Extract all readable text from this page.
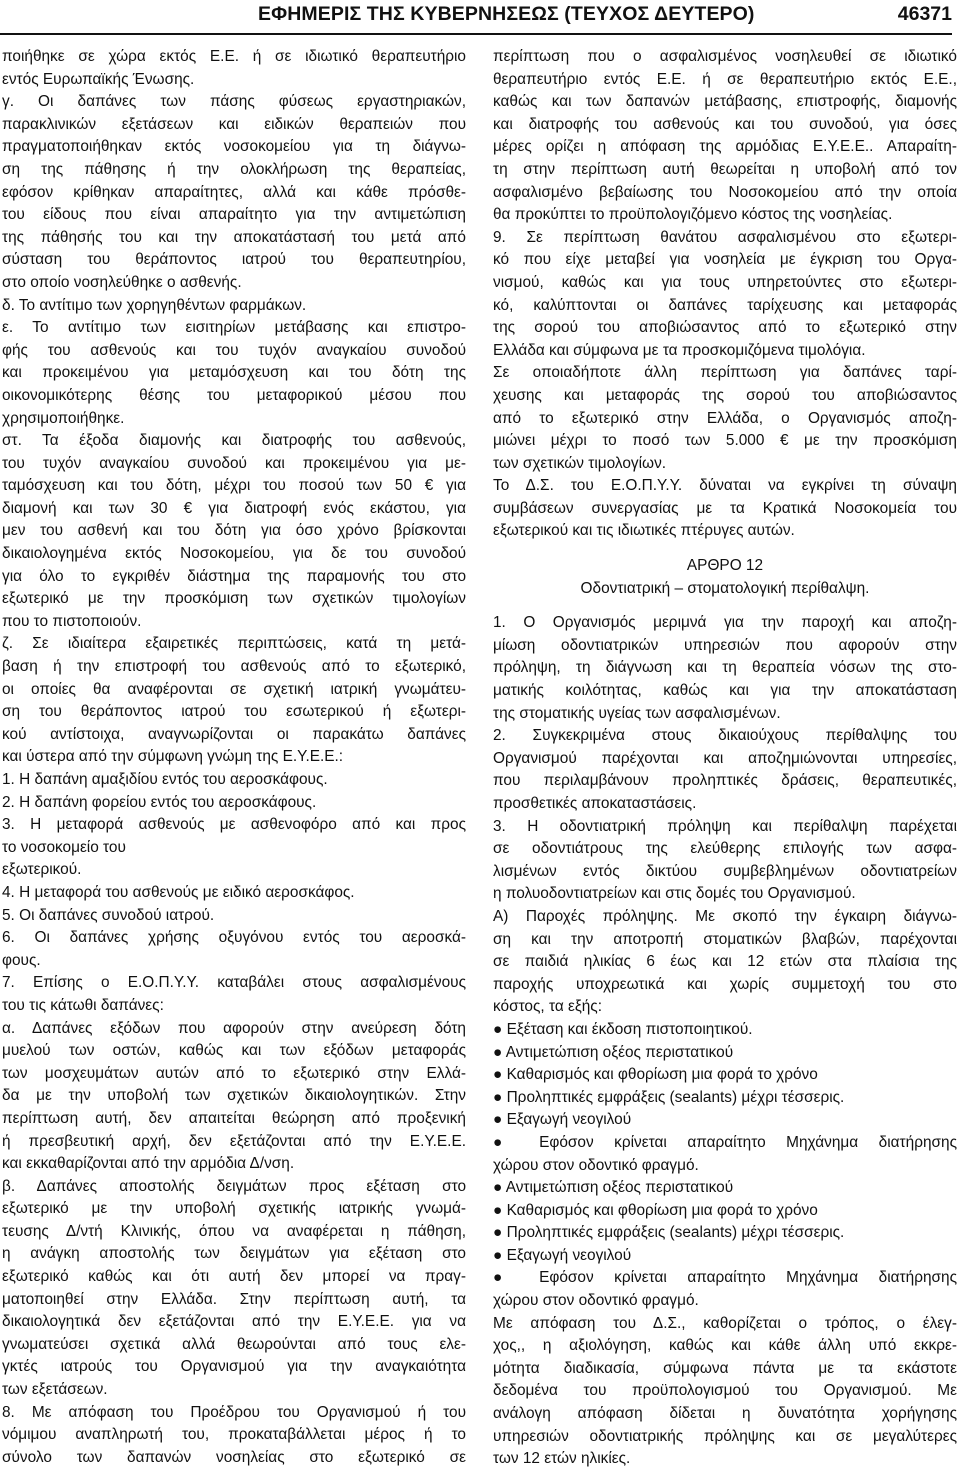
ΕΦΗΜΕΡΙΣ ΤΗΣ ΚΥΒΕΡΝΗΣΕΩΣ (ΤΕΥΧΟΣ ΔΕΥΤΕΡΟ)	46371
ποιήθηκε σε χώρα εκτός Ε.Ε. ή σε ιδιωτικό θεραπευτήριο
εντός Ευρωπαϊκής Ένωσης.
γ. Οι δαπάνες των πάσης φύσεως εργαστηριακών,
παρακλινικών εξετάσεων και ειδικών θεραπειών που
πραγματοποιήθηκαν εκτός νοσοκομείου για τη διάγνω-
ση της πάθησης ή την ολοκλήρωση της θεραπείας,
εφόσον κρίθηκαν απαραίτητες, αλλά και κάθε πρόσθε-
του είδους που είναι απαραίτητο για την αντιμετώπιση
της πάθησής του και την αποκατάστασή του μετά από
σύσταση του θεράποντος ιατρού του θεραπευτηρίου,
στο οποίο νοσηλεύθηκε ο ασθενής.
δ. Το αντίτιμο των χορηγηθέντων φαρμάκων.
ε. Το αντίτιμο των εισιτηρίων μετάβασης και επιστρο-
φής του ασθενούς και του τυχόν αναγκαίου συνοδού
και προκειμένου για μεταμόσχευση και του δότη της
οικονομικότερης θέσης του μεταφορικού μέσου που
χρησιμοποιήθηκε.
στ. Τα έξοδα διαμονής και διατροφής του ασθενούς,
του τυχόν αναγκαίου συνοδού και προκειμένου για με-
ταμόσχευση και του δότη, μέχρι του ποσού των 50 € για
διαμονή και των 30 € για διατροφή ενός εκάστου, για
μεν του ασθενή και του δότη για όσο χρόνο βρίσκονται
δικαιολογημένα εκτός Νοσοκομείου, για δε του συνοδού
για όλο το εγκριθέν διάστημα της παραμονής του στο
εξωτερικό με την προσκόμιση των σχετικών τιμολογίων
που το πιστοποιούν.
ζ. Σε ιδιαίτερα εξαιρετικές περιπτώσεις, κατά τη μετά-
βαση ή την επιστροφή του ασθενούς από το εξωτερικό,
οι οποίες θα αναφέρονται σε σχετική ιατρική γνωμάτευ-
ση του θεράποντος ιατρού του εσωτερικού ή εξωτερι-
κού αντίστοιχα, αναγνωρίζονται οι παρακάτω δαπάνες
και ύστερα από την σύμφωνη γνώμη της Ε.Υ.Ε.Ε.:
1. Η δαπάνη αμαξιδίου εντός του αεροσκάφους.
2. Η δαπάνη φορείου εντός του αεροσκάφους.
3. Η μεταφορά ασθενούς με ασθενοφόρο από και προς
το νοσοκομείο του
εξωτερικού.
4. Η μεταφορά του ασθενούς με ειδικό αεροσκάφος.
5. Οι δαπάνες συνοδού ιατρού.
6. Οι δαπάνες χρήσης οξυγόνου εντός του αεροσκά-
φους.
7. Επίσης ο Ε.Ο.Π.Υ.Υ. καταβάλει στους ασφαλισμένους
του τις κάτωθι δαπάνες:
α. Δαπάνες εξόδων που αφορούν στην ανεύρεση δότη
μυελού των οστών, καθώς και των εξόδων μεταφοράς
των μοσχευμάτων αυτών από το εξωτερικό στην Ελλά-
δα με την υποβολή των σχετικών δικαιολογητικών. Στην
περίπτωση αυτή, δεν απαιτείται θεώρηση από προξενική
ή πρεσβευτική αρχή, δεν εξετάζονται από την Ε.Υ.Ε.Ε.
και εκκαθαρίζονται από την αρμόδια Δ/νση.
β. Δαπάνες αποστολής δειγμάτων προς εξέταση στο
εξωτερικό με την υποβολή σχετικής ιατρικής γνωμά-
τευσης Δ/ντή Κλινικής, όπου να αναφέρεται η πάθηση,
η ανάγκη αποστολής των δειγμάτων για εξέταση στο
εξωτερικό καθώς και ότι αυτή δεν μπορεί να πραγ-
ματοποιηθεί στην Ελλάδα. Στην περίπτωση αυτή, τα
δικαιολογητικά δεν εξετάζονται από την Ε.Υ.Ε.Ε. για να
γνωματεύσει σχετικά αλλά θεωρούνται από τους ελε-
γκτές ιατρούς του Οργανισμού για την αναγκαιότητα
των εξετάσεων.
8. Με απόφαση του Προέδρου του Οργανισμού ή του
νόμιμου αναπληρωτή του, προκαταβάλλεται μέρος ή το
σύνολο των δαπανών νοσηλείας στο εξωτερικό σε
περίπτωση που ο ασφαλισμένος νοσηλευθεί σε ιδιωτικό
θεραπευτήριο εντός Ε.Ε. ή σε θεραπευτήριο εκτός Ε.Ε.,
καθώς και των δαπανών μετάβασης, επιστροφής, διαμονής
και διατροφής του ασθενούς και του συνοδού, για όσες
μέρες ορίζει η απόφαση της αρμόδιας Ε.Υ.Ε.Ε.. Απαραίτη-
τη στην περίπτωση αυτή θεωρείται η υποβολή από τον
ασφαλισμένο βεβαίωσης του Νοσοκομείου από την οποία
θα προκύπτει το προϋπολογιζόμενο κόστος της νοσηλείας.
9. Σε περίπτωση θανάτου ασφαλισμένου στο εξωτερι-
κό που είχε μεταβεί για νοσηλεία με έγκριση του Οργα-
νισμού, καθώς και για τους υπηρετούντες στο εξωτερι-
κό, καλύπτονται οι δαπάνες ταρίχευσης και μεταφοράς
της σορού του αποβιώσαντος από το εξωτερικό στην
Ελλάδα και σύμφωνα με τα προσκομιζόμενα τιμολόγια.
Σε οποιαδήποτε άλλη περίπτωση για δαπάνες ταρί-
χευσης και μεταφοράς της σορού του αποβιώσαντος
από το εξωτερικό στην Ελλάδα, ο Οργανισμός αποζη-
μιώνει μέχρι το ποσό των 5.000 € με την προσκόμιση
των σχετικών τιμολογίων.
Το Δ.Σ. του Ε.Ο.Π.Υ.Υ. δύναται να εγκρίνει τη σύναψη
συμβάσεων συνεργασίας με τα Κρατικά Νοσοκομεία του
εξωτερικού και τις ιδιωτικές πτέρυγες αυτών.
ΑΡΘΡΟ 12
Οδοντιατρική – στοματολογική περίθαλψη.
1. Ο Οργανισμός μεριμνά για την παροχή και αποζη-
μίωση οδοντιατρικών υπηρεσιών που αφορούν στην
πρόληψη, τη διάγνωση και τη θεραπεία νόσων της στο-
ματικής κοιλότητας, καθώς και για την αποκατάσταση
της στοματικής υγείας των ασφαλισμένων.
2. Συγκεκριμένα στους δικαιούχους περίθαλψης του
Οργανισμού παρέχονται και αποζημιώνονται υπηρεσίες,
που περιλαμβάνουν προληπτικές δράσεις, θεραπευτικές,
προσθετικές αποκαταστάσεις.
3. Η οδοντιατρική πρόληψη και περίθαλψη παρέχεται
σε οδοντιάτρους της ελεύθερης επιλογής των ασφα-
λισμένων εντός δικτύου συμβεβλημένων οδοντιατρείων
η πολυοδοντιατρείων και στις δομές του Οργανισμού.
Α) Παροχές πρόληψης. Με σκοπό την έγκαιρη διάγνω-
ση και την αποτροπή στοματικών βλαβών, παρέχονται
σε παιδιά ηλικίας 6 έως και 12 ετών στα πλαίσια της
παροχής υποχρεωτικά και χωρίς συμμετοχή του στο
κόστος, τα εξής:
● Εξέταση και έκδοση πιστοποιητικού.
● Αντιμετώπιση οξέος περιστατικού
● Καθαρισμός και φθορίωση μια φορά το χρόνο
● Προληπτικές εμφράξεις (sealants) μέχρι τέσσερις.
● Εξαγωγή νεογιλού
● Εφόσον κρίνεται απαραίτητο Μηχάνημα διατήρησης
χώρου στον οδοντικό φραγμό.
● Αντιμετώπιση οξέος περιστατικού
● Καθαρισμός και φθορίωση μια φορά το χρόνο
● Προληπτικές εμφράξεις (sealants) μέχρι τέσσερις.
● Εξαγωγή νεογιλού
● Εφόσον κρίνεται απαραίτητο Μηχάνημα διατήρησης
χώρου στον οδοντικό φραγμό.
Με απόφαση του Δ.Σ., καθορίζεται ο τρόπος, ο έλεγ-
χος,, η αξιολόγηση, καθώς και κάθε άλλη υπό εκκρε-
μότητα διαδικασία, σύμφωνα πάντα με τα εκάστοτε
δεδομένα του προϋπολογισμού του Οργανισμού. Με
ανάλογη απόφαση δίδεται η δυνατότητα χορήγησης
υπηρεσιών οδοντιατρικής πρόληψης και σε μεγαλύτερες
των 12 ετών ηλικίες.
